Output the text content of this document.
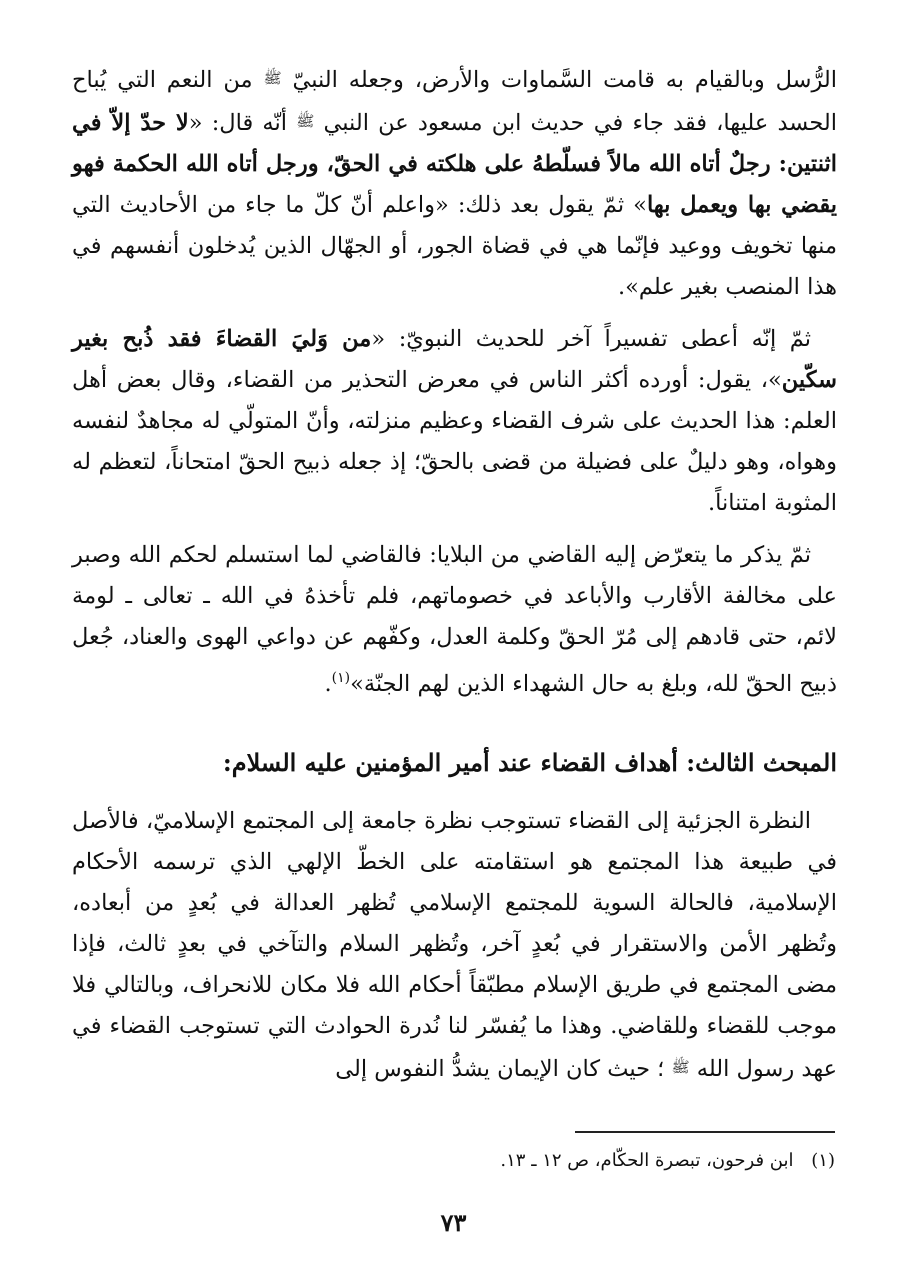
الرُّسل وبالقيام به قامت السَّماوات والأرض، وجعله النبيّ ﷺ من النعم التي يُباح الحسد عليها، فقد جاء في حديث ابن مسعود عن النبي ﷺ أنّه قال: «لا حدّ إلاّ في اثنتين: رجلٌ أتاه الله مالاً فسلّطهُ على هلكته في الحقّ، ورجل أتاه الله الحكمة فهو يقضي بها ويعمل بها» ثمّ يقول بعد ذلك: «واعلم أنّ كلّ ما جاء من الأحاديث التي منها تخويف ووعيد فإنّما هي في قضاة الجور، أو الجهّال الذين يُدخلون أنفسهم في هذا المنصب بغير علم».

ثمّ إنّه أعطى تفسيراً آخر للحديث النبويّ: «من وَليَ القضاءَ فقد ذُبح بغير سكّين»، يقول: أورده أكثر الناس في معرض التحذير من القضاء، وقال بعض أهل العلم: هذا الحديث على شرف القضاء وعظيم منزلته، وأنّ المتولّي له مجاهدٌ لنفسه وهواه، وهو دليلٌ على فضيلة من قضى بالحقّ؛ إذ جعله ذبيح الحقّ امتحاناً، لتعظم له المثوبة امتناناً.

ثمّ يذكر ما يتعرّض إليه القاضي من البلايا: فالقاضي لما استسلم لحكم الله وصبر على مخالفة الأقارب والأباعد في خصوماتهم، فلم تأخذهُ في الله ـ تعالى ـ لومة لائم، حتى قادهم إلى مُرّ الحقّ وكلمة العدل، وكفّهم عن دواعي الهوى والعناد، جُعل ذبيح الحقّ لله، وبلغ به حال الشهداء الذين لهم الجنّة»$^{(١)}$.

المبحث الثالث: أهداف القضاء عند أمير المؤمنين عليه السلام:

النظرة الجزئية إلى القضاء تستوجب نظرة جامعة إلى المجتمع الإسلاميّ، فالأصل في طبيعة هذا المجتمع هو استقامته على الخطّ الإلهي الذي ترسمه الأحكام الإسلامية، فالحالة السوية للمجتمع الإسلامي تُظهر العدالة في بُعدٍ من أبعاده، وتُظهر الأمن والاستقرار في بُعدٍ آخر، وتُظهر السلام والتآخي في بعدٍ ثالث، فإذا مضى المجتمع في طريق الإسلام مطبّقاً أحكام الله فلا مكان للانحراف، وبالتالي فلا موجب للقضاء وللقاضي. وهذا ما يُفسّر لنا نُدرة الحوادث التي تستوجب القضاء في عهد رسول الله ﷺ ؛ حيث كان الإيمان يشدُّ النفوس إلى

(١) ابن فرحون، تبصرة الحكّام، ص ١٢ ـ ١٣.
٧٣
